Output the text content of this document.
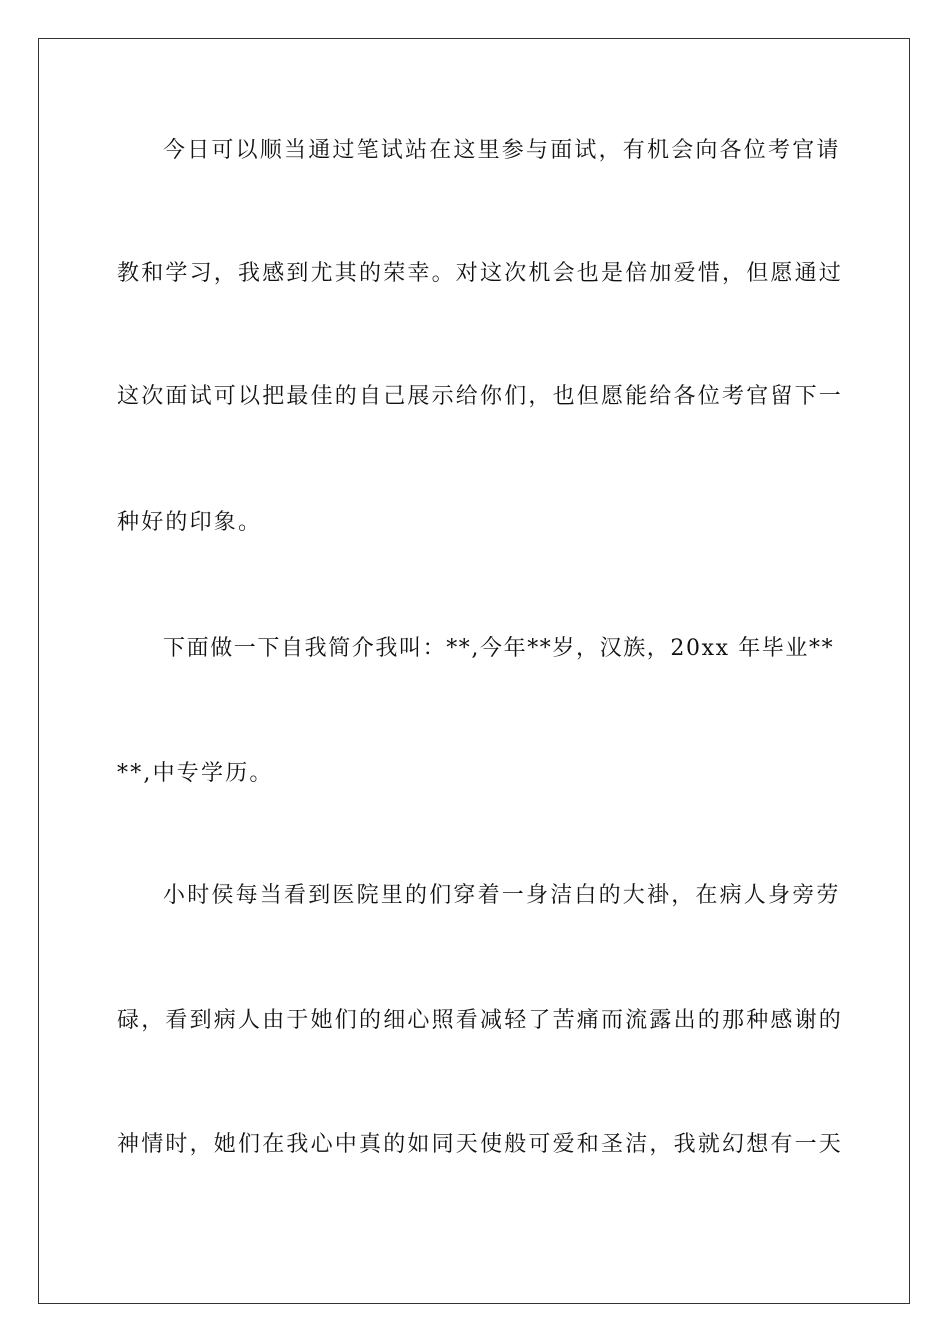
今日可以顺当通过笔试站在这里参与面试，有机会向各位考官请
教和学习，我感到尤其的荣幸。对这次机会也是倍加爱惜，但愿通过
这次面试可以把最佳的自己展示给你们，也但愿能给各位考官留下一
种好的印象。
下面做一下自我简介我叫：**,今年**岁，汉族，20xx 年毕业**
**,中专学历。
小时侯每当看到医院里的们穿着一身洁白的大褂，在病人身旁劳
碌，看到病人由于她们的细心照看减轻了苦痛而流露出的那种感谢的
神情时，她们在我心中真的如同天使般可爱和圣洁，我就幻想有一天
